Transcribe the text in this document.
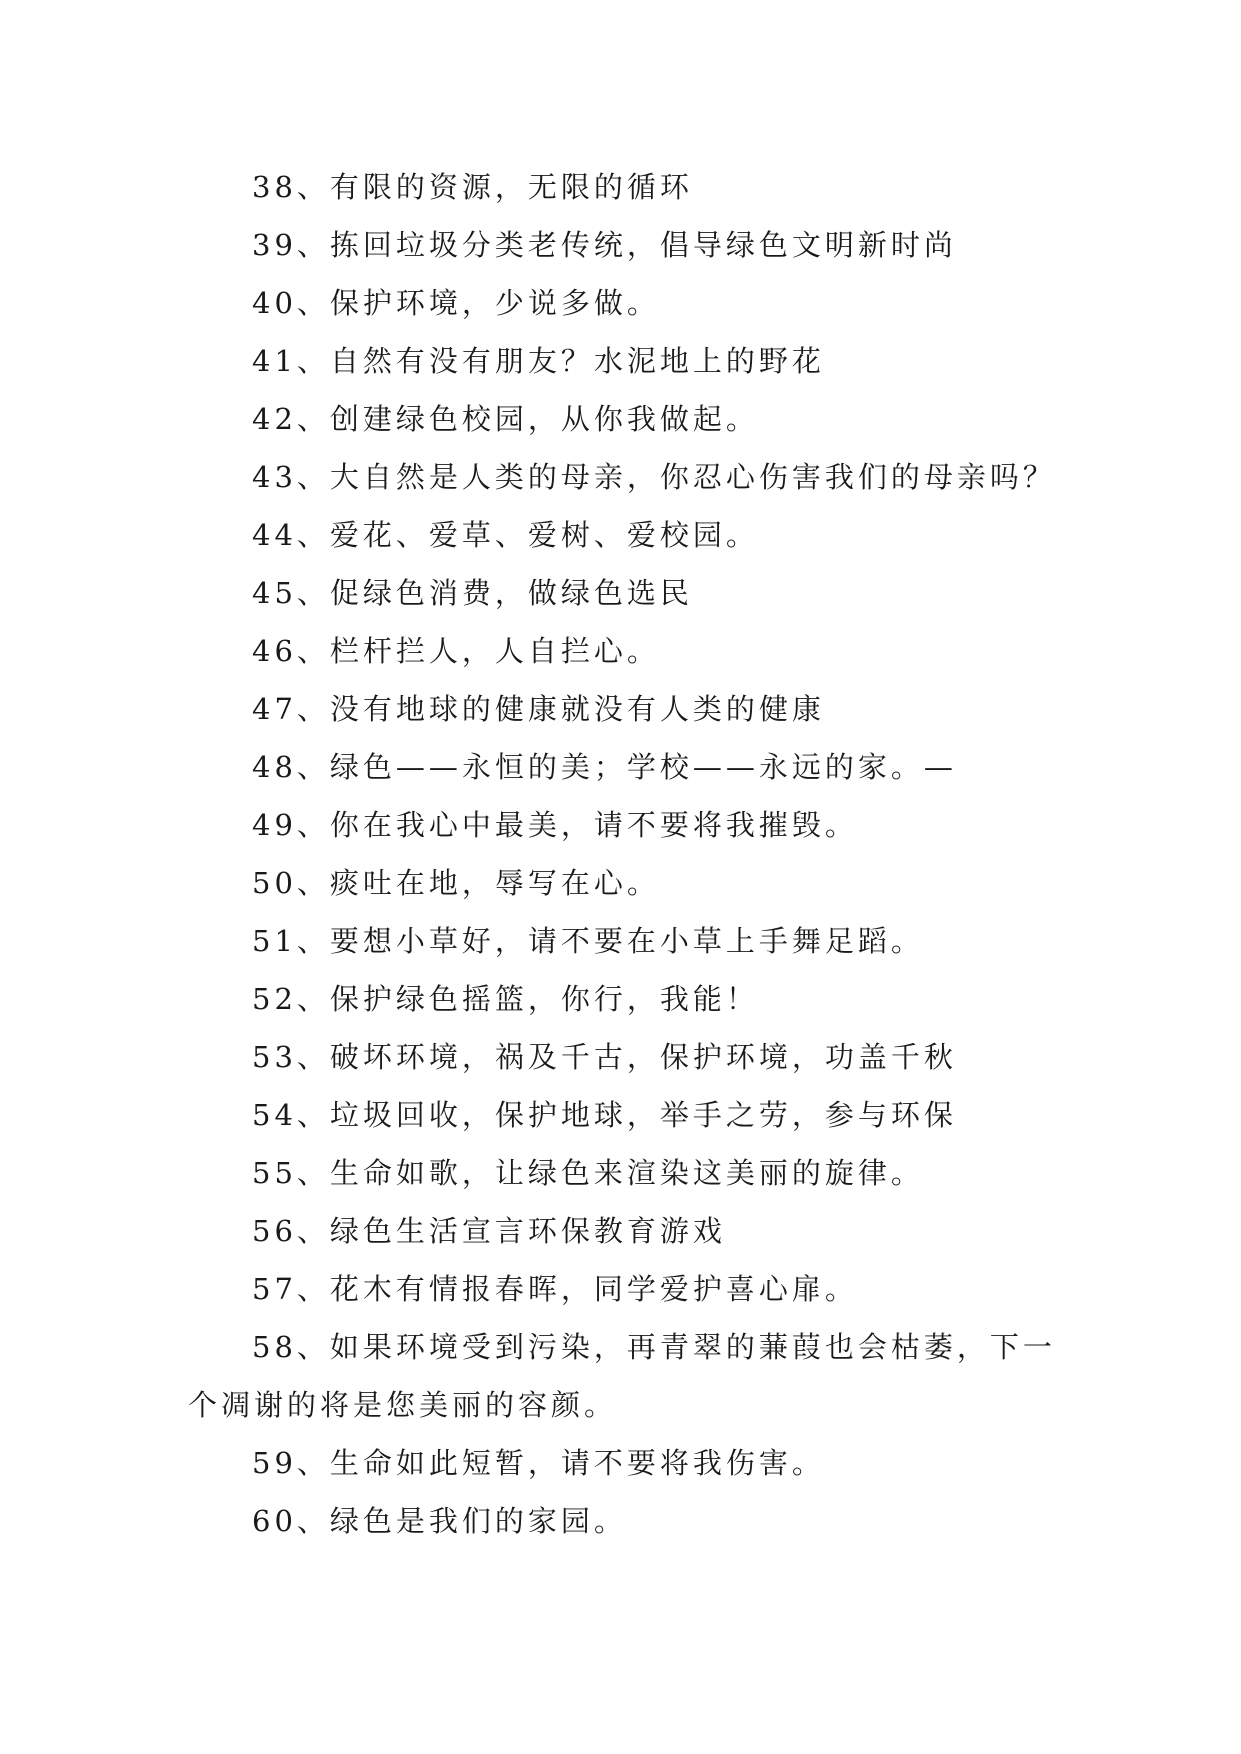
38、有限的资源，无限的循环
39、拣回垃圾分类老传统，倡导绿色文明新时尚
40、保护环境，少说多做。
41、自然有没有朋友？水泥地上的野花
42、创建绿色校园，从你我做起。
43、大自然是人类的母亲，你忍心伤害我们的母亲吗？
44、爱花、爱草、爱树、爱校园。
45、促绿色消费，做绿色选民
46、栏杆拦人，人自拦心。
47、没有地球的健康就没有人类的健康
48、绿色——永恒的美；学校——永远的家。—
49、你在我心中最美，请不要将我摧毁。
50、痰吐在地，辱写在心。
51、要想小草好，请不要在小草上手舞足蹈。
52、保护绿色摇篮，你行，我能！
53、破坏环境，祸及千古，保护环境，功盖千秋
54、垃圾回收，保护地球，举手之劳，参与环保
55、生命如歌，让绿色来渲染这美丽的旋律。
56、绿色生活宣言环保教育游戏
57、花木有情报春晖，同学爱护喜心扉。
58、如果环境受到污染，再青翠的蒹葭也会枯萎，下一个凋谢的将是您美丽的容颜。
59、生命如此短暂，请不要将我伤害。
60、绿色是我们的家园。
